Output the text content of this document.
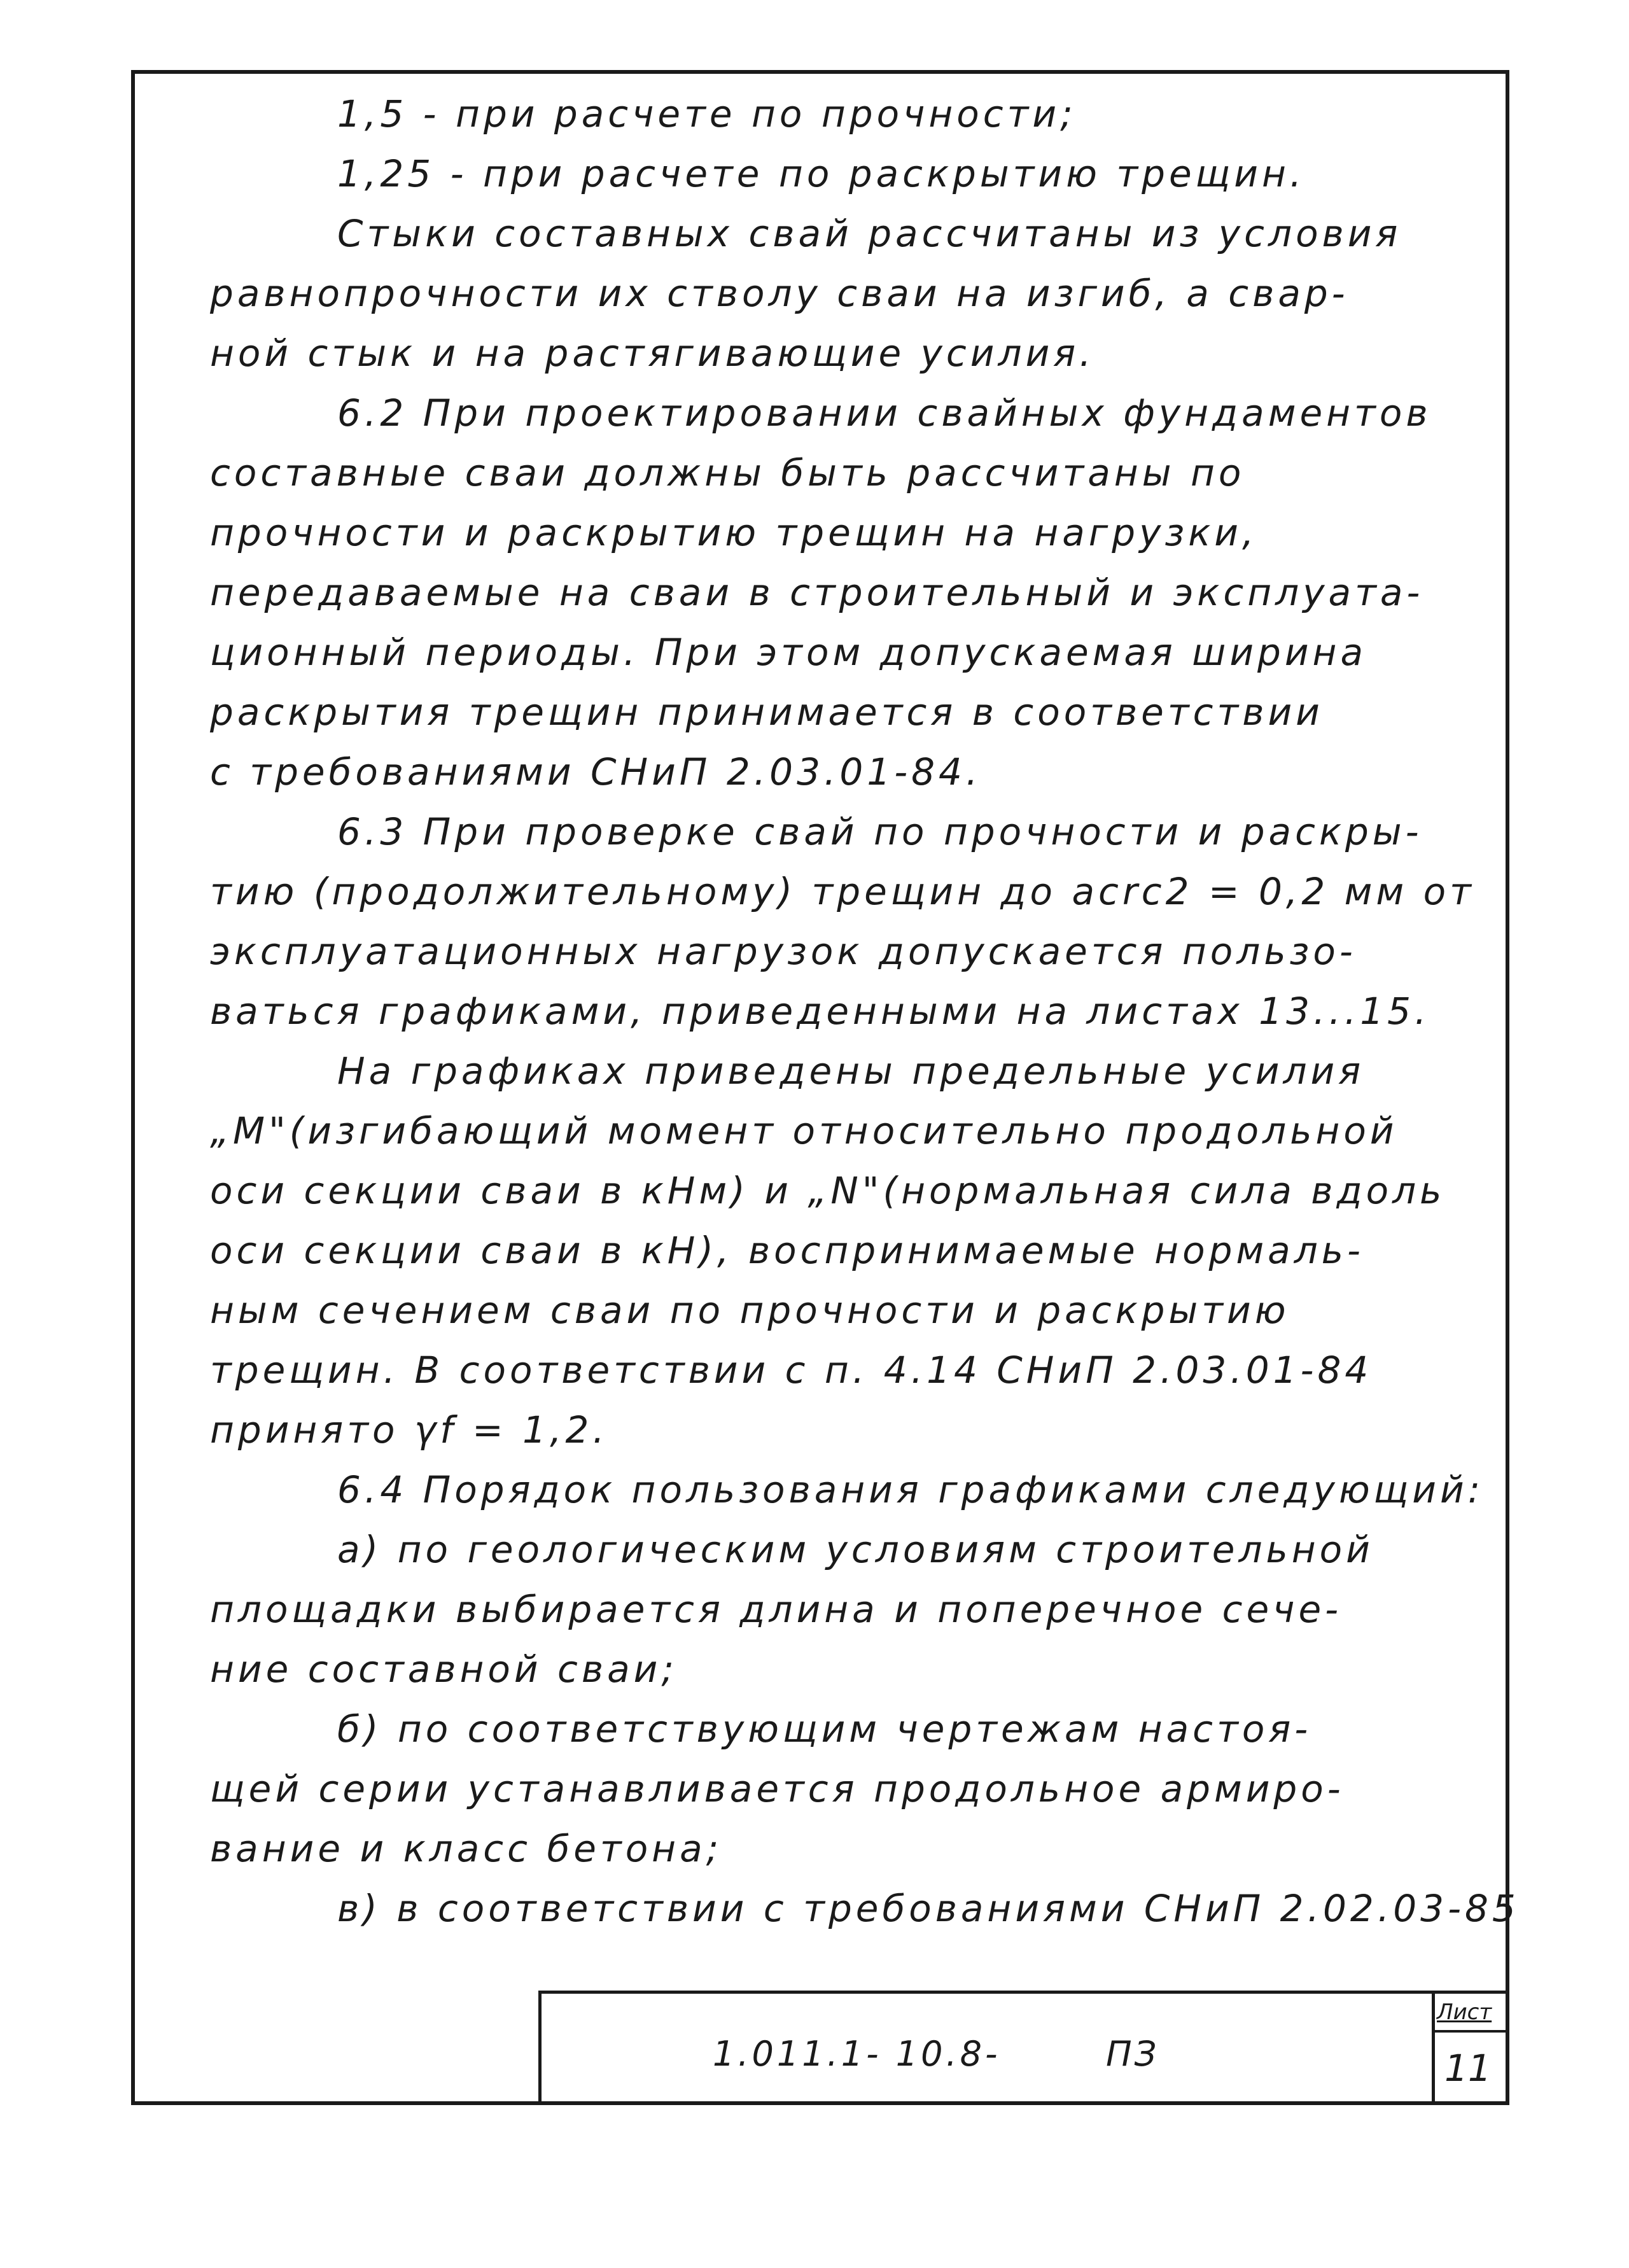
1,5 - при расчете по прочности;
1,25 - при расчете по раскрытию трещин.
Стыки составных свай рассчитаны из условия
равнопрочности их стволу сваи на изгиб, а свар-
ной стык и на растягивающие усилия.
6.2 При проектировании свайных фундаментов
составные сваи должны быть рассчитаны по
прочности и раскрытию трещин на нагрузки,
передаваемые на сваи в строительный и эксплуата-
ционный периоды. При этом допускаемая ширина
раскрытия трещин принимается в соответствии
с требованиями СНиП 2.03.01-84.
6.3 При проверке свай по прочности и раскры-
тию (продолжительному) трещин до acrc2 = 0,2 мм от
эксплуатационных нагрузок допускается пользо-
ваться графиками, приведенными на листах 13...15.
На графиках приведены предельные усилия
„M"(изгибающий момент относительно продольной
оси секции сваи в кНм) и „N"(нормальная сила вдоль
оси секции сваи в кН), воспринимаемые нормаль-
ным сечением сваи по прочности и раскрытию
трещин. В соответствии с п. 4.14 СНиП 2.03.01-84
принято γf = 1,2.
6.4 Порядок пользования графиками следующий:
а) по геологическим условиям строительной
площадки выбирается длина и поперечное сече-
ние составной сваи;
б) по соответствующим чертежам настоя-
щей серии устанавливается продольное армиро-
вание и класс бетона;
в) в соответствии с требованиями СНиП 2.02.03-85
1.011.1- 10.8-	ПЗ
Лист
11
